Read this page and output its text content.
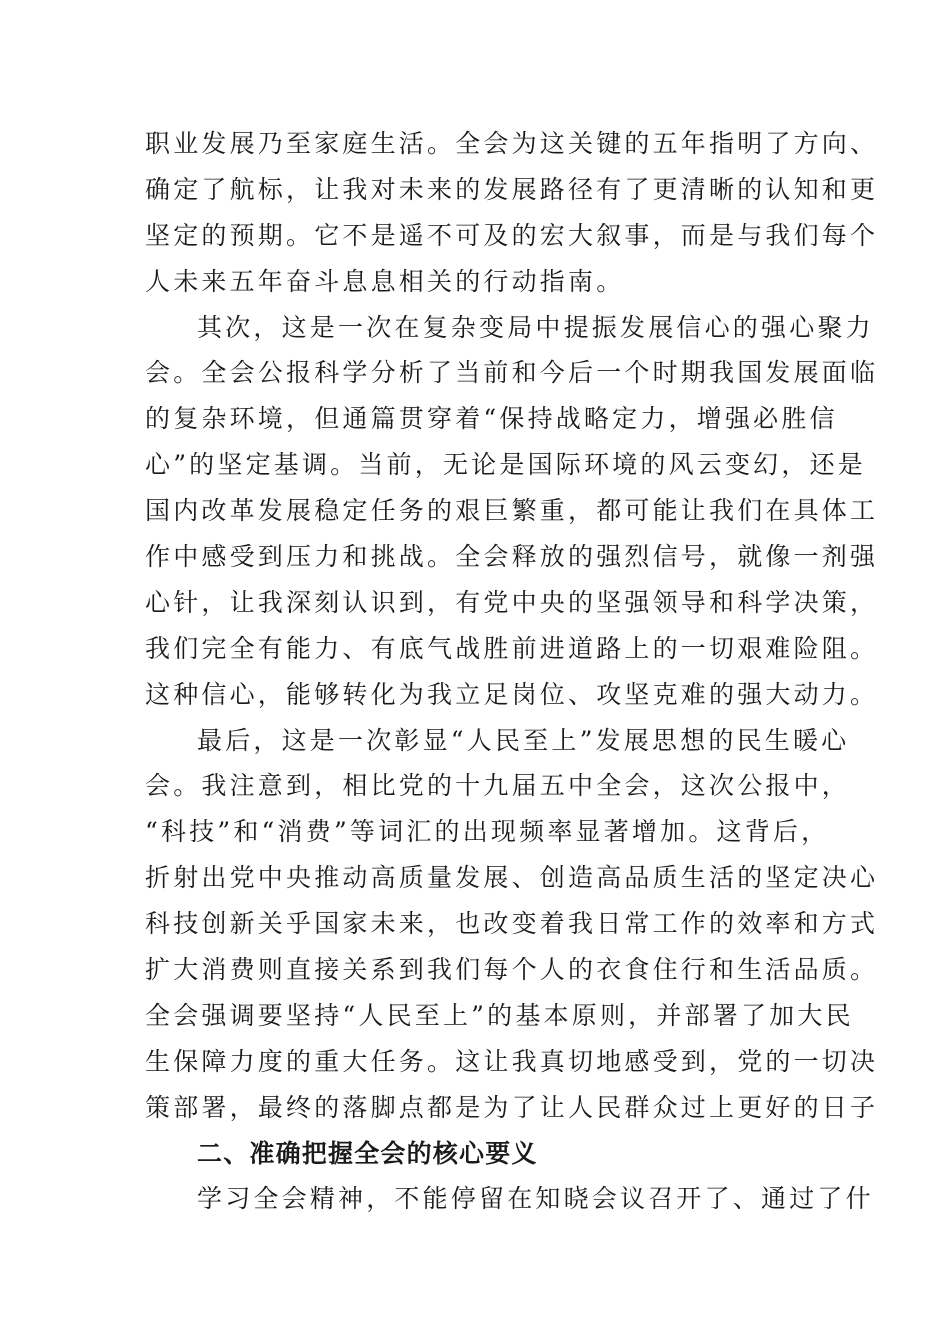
职业发展乃至家庭生活。全会为这关键的五年指明了方向、
确定了航标，让我对未来的发展路径有了更清晰的认知和更
坚定的预期。它不是遥不可及的宏大叙事，而是与我们每个
人未来五年奋斗息息相关的行动指南。
其次，这是一次在复杂变局中提振发展信心的强心聚力
会。全会公报科学分析了当前和今后一个时期我国发展面临
的复杂环境，但通篇贯穿着“保持战略定力，增强必胜信
心”的坚定基调。当前，无论是国际环境的风云变幻，还是
国内改革发展稳定任务的艰巨繁重，都可能让我们在具体工
作中感受到压力和挑战。全会释放的强烈信号，就像一剂强
心针，让我深刻认识到，有党中央的坚强领导和科学决策，
我们完全有能力、有底气战胜前进道路上的一切艰难险阻。
这种信心，能够转化为我立足岗位、攻坚克难的强大动力。
最后，这是一次彰显“人民至上”发展思想的民生暖心
会。我注意到，相比党的十九届五中全会，这次公报中，
“科技”和“消费”等词汇的出现频率显著增加。这背后，
折射出党中央推动高质量发展、创造高品质生活的坚定决心
科技创新关乎国家未来，也改变着我日常工作的效率和方式
扩大消费则直接关系到我们每个人的衣食住行和生活品质。
全会强调要坚持“人民至上”的基本原则，并部署了加大民
生保障力度的重大任务。这让我真切地感受到，党的一切决
策部署，最终的落脚点都是为了让人民群众过上更好的日子
二、准确把握全会的核心要义
学习全会精神，不能停留在知晓会议召开了、通过了什
